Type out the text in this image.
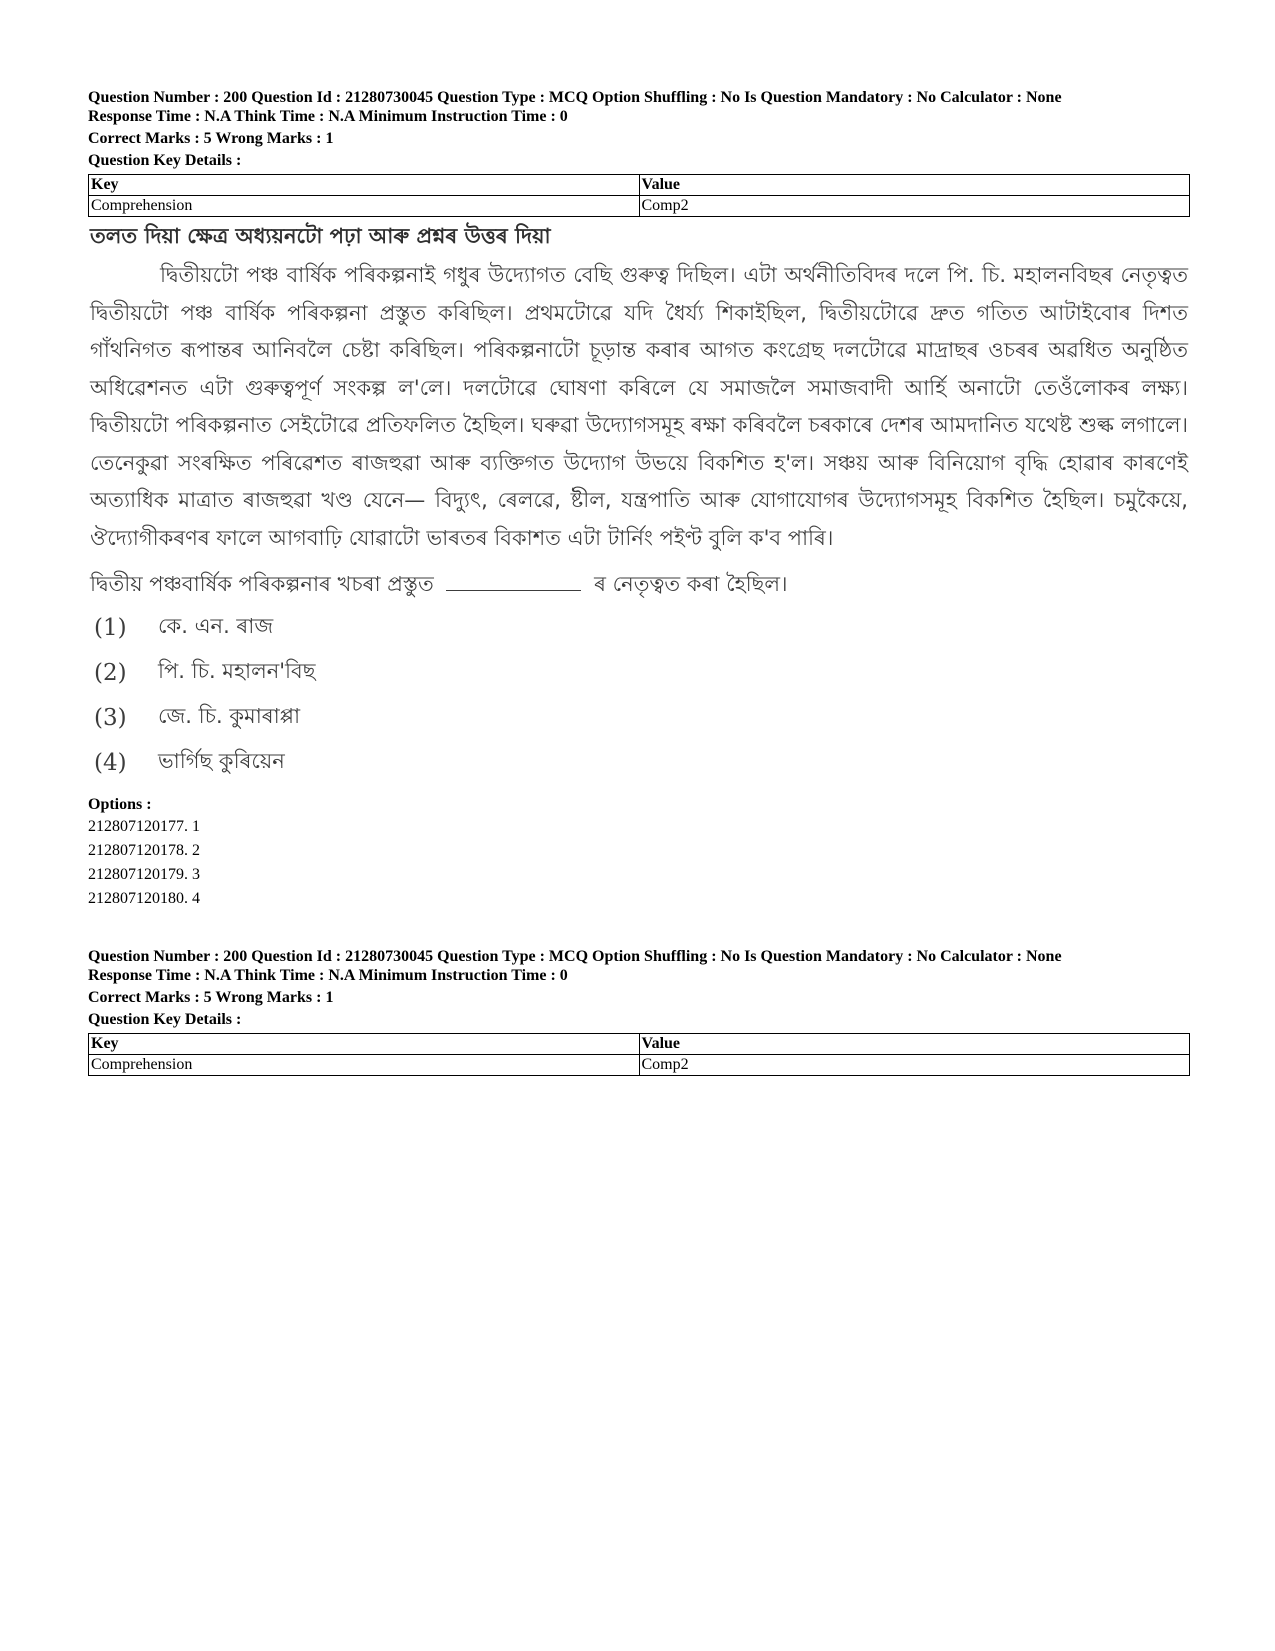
Question Number : 200 Question Id : 21280730045 Question Type : MCQ Option Shuffling : No Is Question Mandatory : No Calculator : None
Response Time : N.A Think Time : N.A Minimum Instruction Time : 0
Correct Marks : 5 Wrong Marks : 1
Question Key Details :
Key	Value
Comprehension	Comp2
তলত দিয়া ক্ষেত্ৰ অধ্যয়নটো পঢ়া আৰু প্ৰশ্নৰ উত্তৰ দিয়া
দ্বিতীয়টো পঞ্চ বাৰ্ষিক পৰিকল্পনাই গধুৰ উদ্যোগত বেছি গুৰুত্ব দিছিল। এটা অৰ্থনীতিবিদৰ দলে পি. চি. মহালনবিছৰ নেতৃত্বত দ্বিতীয়টো পঞ্চ বাৰ্ষিক পৰিকল্পনা প্ৰস্তুত কৰিছিল। প্ৰথমটোৱে যদি ধৈৰ্য্য শিকাইছিল, দ্বিতীয়টোৱে দ্ৰুত গতিত আটাইবোৰ দিশত গাঁথনিগত ৰূপান্তৰ আনিবলৈ চেষ্টা কৰিছিল। পৰিকল্পনাটো চূড়ান্ত কৰাৰ আগত কংগ্ৰেছ দলটোৱে মাদ্ৰাছৰ ওচৰৰ অৱধিত অনুষ্ঠিত অধিৱেশনত এটা গুৰুত্বপূৰ্ণ সংকল্প ল'লে। দলটোৱে ঘোষণা কৰিলে যে সমাজলৈ সমাজবাদী আৰ্হি অনাটো তেওঁলোকৰ লক্ষ্য। দ্বিতীয়টো পৰিকল্পনাত সেইটোৱে প্ৰতিফলিত হৈছিল। ঘৰুৱা উদ্যোগসমূহ ৰক্ষা কৰিবলৈ চৰকাৰে দেশৰ আমদানিত যথেষ্ট শুল্ক লগালে। তেনেকুৱা সংৰক্ষিত পৰিৱেশত ৰাজহুৱা আৰু ব্যক্তিগত উদ্যোগ উভয়ে বিকশিত হ'ল। সঞ্চয় আৰু বিনিয়োগ বৃদ্ধি হোৱাৰ কাৰণেই অত্যাধিক মাত্ৰাত ৰাজহুৱা খণ্ড যেনে— বিদ্যুৎ, ৰেলৱে, ষ্টীল, যন্ত্ৰপাতি আৰু যোগাযোগৰ উদ্যোগসমূহ বিকশিত হৈছিল। চমুকৈয়ে, ঔদ্যোগীকৰণৰ ফালে আগবাঢ়ি যোৱাটো ভাৰতৰ বিকাশত এটা টাৰ্নিং পইণ্ট বুলি ক'ব পাৰি।
দ্বিতীয় পঞ্চবাৰ্ষিক পৰিকল্পনাৰ খচৰা প্ৰস্তুত	ৰ নেতৃত্বত কৰা হৈছিল।
(1)	কে. এন. ৰাজ
(2)	পি. চি. মহালন'বিছ
(3)	জে. চি. কুমাৰাপ্পা
(4)	ভাৰ্গিছ কুৰিয়েন
Options :
212807120177. 1
212807120178. 2
212807120179. 3
212807120180. 4
Question Number : 200 Question Id : 21280730045 Question Type : MCQ Option Shuffling : No Is Question Mandatory : No Calculator : None
Response Time : N.A Think Time : N.A Minimum Instruction Time : 0
Correct Marks : 5 Wrong Marks : 1
Question Key Details :
Key	Value
Comprehension	Comp2
